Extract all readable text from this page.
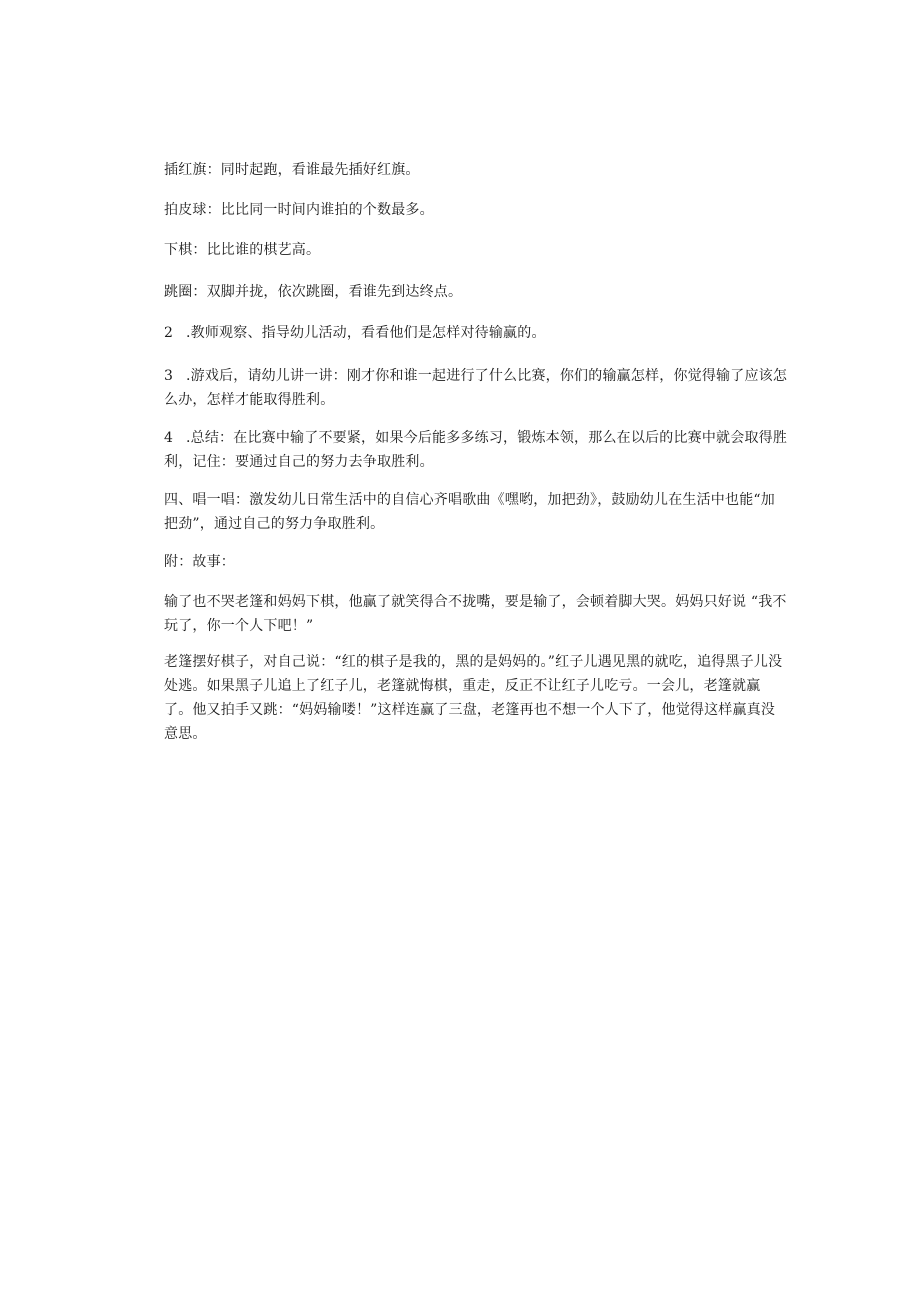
插红旗：同时起跑，看谁最先插好红旗。

拍皮球：比比同一时间内谁拍的个数最多。

下棋：比比谁的棋艺高。

跳圈：双脚并拢，依次跳圈，看谁先到达终点。

2 .教师观察、指导幼儿活动，看看他们是怎样对待输赢的。

3 .游戏后，请幼儿讲一讲：刚才你和谁一起进行了什么比赛，你们的输赢怎样，你觉得输了应该怎么办，怎样才能取得胜利。
4 .总结：在比赛中输了不要紧，如果今后能多多练习，锻炼本领，那么在以后的比赛中就会取得胜利，记住：要通过自己的努力去争取胜利。
四、唱一唱：激发幼儿日常生活中的自信心齐唱歌曲《嘿哟，加把劲》，鼓励幼儿在生活中也能“加把劲”，通过自己的努力争取胜利。

附：故事：

输了也不哭老篷和妈妈下棋，他赢了就笑得合不拢嘴，要是输了，会顿着脚大哭。妈妈只好说 “我不玩了，你一个人下吧！”
老篷摆好棋子，对自己说：“红的棋子是我的，黑的是妈妈的。”红子儿遇见黑的就吃，追得黑子儿没处逃。如果黑子儿追上了红子儿，老篷就悔棋，重走，反正不让红子儿吃亏。一会儿，老篷就赢了。他又拍手又跳：“妈妈输喽！”这样连赢了三盘，老篷再也不想一个人下了，他觉得这样赢真没意思。
